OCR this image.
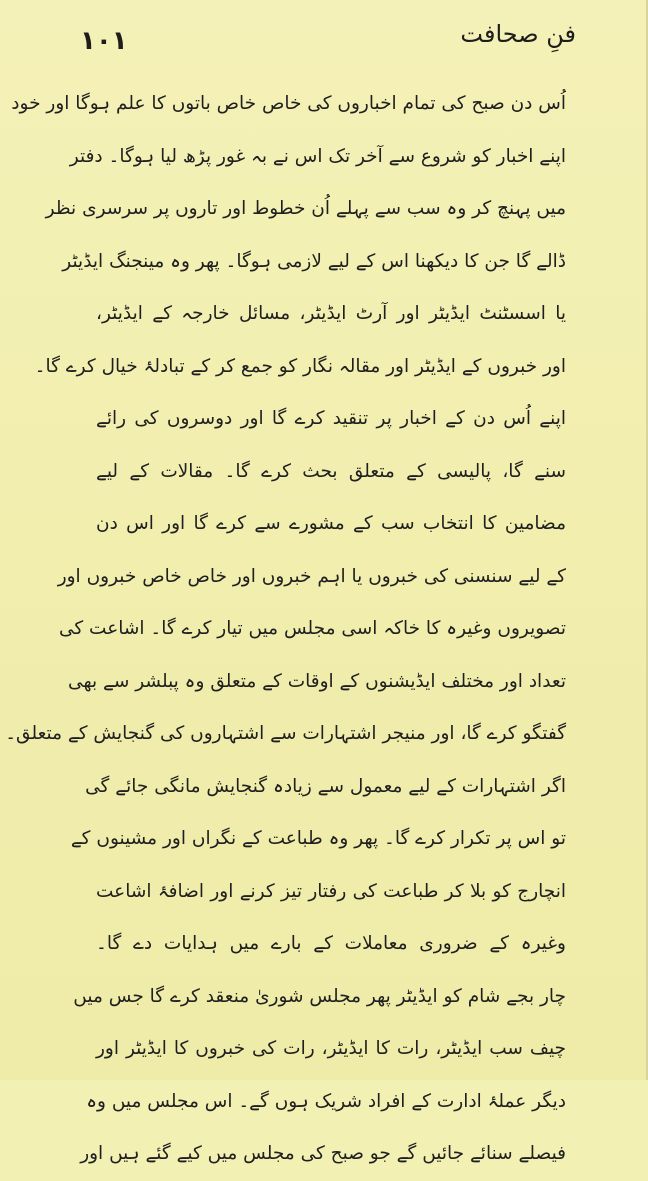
۱۰۱	فنِ صحافت
اُس دن صبح کی تمام اخباروں کی خاص خاص باتوں کا علم ہوگا اور خود
اپنے اخبار کو شروع سے آخر تک اس نے بہ غور پڑھ لیا ہوگا۔ دفتر
میں پہنچ کر وہ سب سے پہلے اُن خطوط اور تاروں پر سرسری نظر
ڈالے گا جن کا دیکھنا اس کے لیے لازمی ہوگا۔ پھر وہ مینجنگ ایڈیٹر
یا اسسٹنٹ ایڈیٹر اور آرٹ ایڈیٹر، مسائل خارجہ کے ایڈیٹر،
اور خبروں کے ایڈیٹر اور مقالہ نگار کو جمع کر کے تبادلۂ خیال کرے گا۔
اپنے اُس دن کے اخبار پر تنقید کرے گا اور دوسروں کی رائے
سنے گا، پالیسی کے متعلق بحث کرے گا۔ مقالات کے لیے
مضامین کا انتخاب سب کے مشورے سے کرے گا اور اس دن
کے لیے سنسنی کی خبروں یا اہم خبروں اور خاص خاص خبروں اور
تصویروں وغیرہ کا خاکہ اسی مجلس میں تیار کرے گا۔ اشاعت کی
تعداد اور مختلف ایڈیشنوں کے اوقات کے متعلق وہ پبلشر سے بھی
گفتگو کرے گا، اور منیجر اشتہارات سے اشتہاروں کی گنجایش کے متعلق۔
اگر اشتہارات کے لیے معمول سے زیادہ گنجایش مانگی جائے گی
تو اس پر تکرار کرے گا۔ پھر وہ طباعت کے نگراں اور مشینوں کے
انچارج کو بلا کر طباعت کی رفتار تیز کرنے اور اضافۂ اشاعت
وغیرہ کے ضروری معاملات کے بارے میں ہدایات دے گا۔
چار بجے شام کو ایڈیٹر پھر مجلس شوریٰ منعقد کرے گا جس میں
چیف سب ایڈیٹر، رات کا ایڈیٹر، رات کی خبروں کا ایڈیٹر اور
دیگر عملۂ ادارت کے افراد شریک ہوں گے۔ اس مجلس میں وہ
فیصلے سنائے جائیں گے جو صبح کی مجلس میں کیے گئے ہیں اور
